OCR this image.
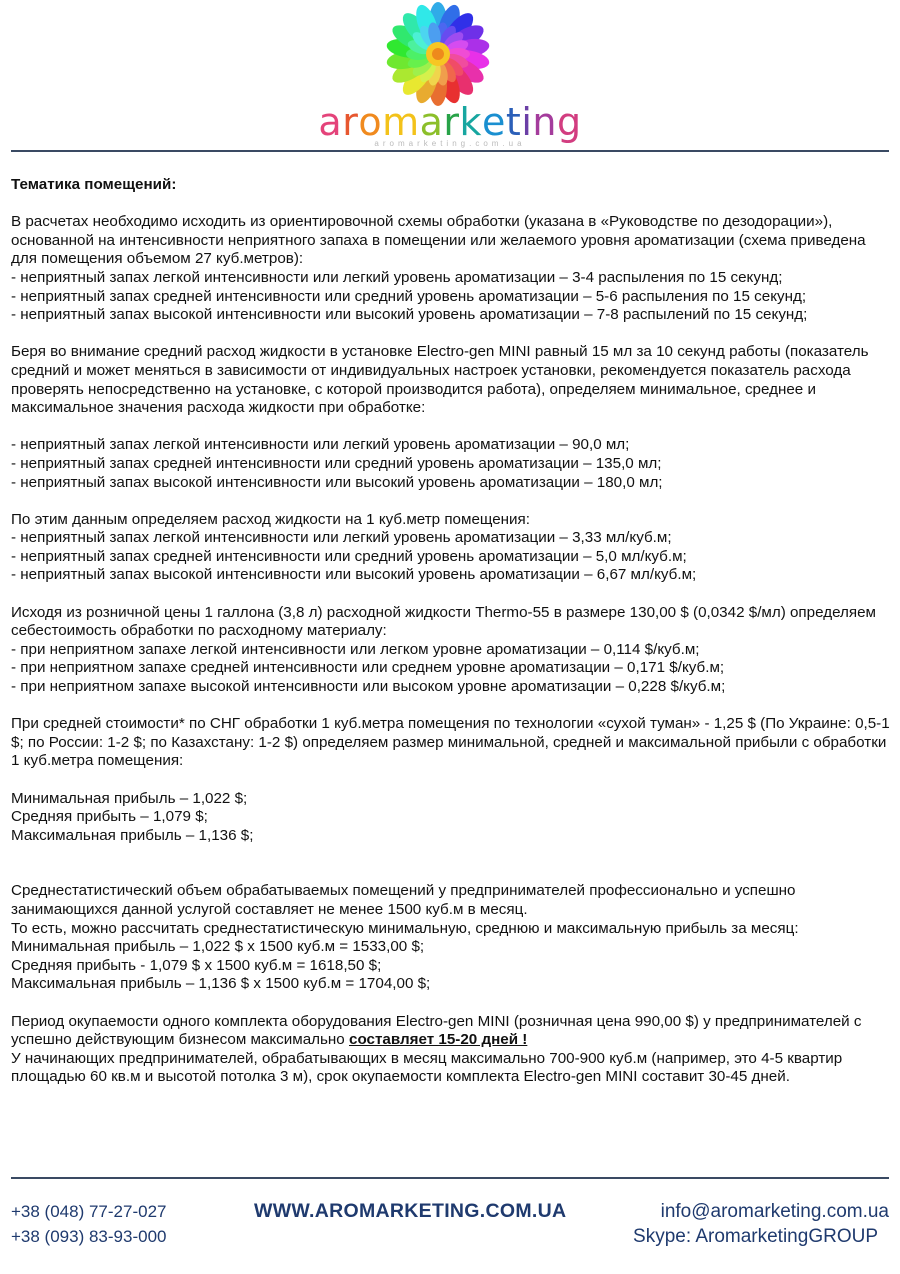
aromarketing
aromarketing.com.ua

Тематика помещений:

В расчетах необходимо исходить из ориентировочной схемы обработки (указана в «Руководстве по дезодорации»), основанной на интенсивности неприятного запаха в помещении или желаемого уровня ароматизации (схема приведена для помещения объемом 27 куб.метров):

- неприятный запах легкой интенсивности или легкий уровень ароматизации – 3-4 распыления по 15 секунд;
- неприятный запах средней интенсивности или средний уровень ароматизации – 5-6 распыления по 15 секунд;
- неприятный запах высокой интенсивности или высокий уровень ароматизации – 7-8 распылений по 15 секунд;

Беря во внимание средний расход жидкости в установке Electro-gen MINI равный 15 мл за 10 секунд работы (показатель средний и может меняться в зависимости от индивидуальных настроек установки, рекомендуется показатель расхода проверять непосредственно на установке, с которой производится работа), определяем минимальное, среднее и максимальное значения расхода жидкости при обработке:

- неприятный запах легкой интенсивности или легкий уровень ароматизации – 90,0 мл;
- неприятный запах средней интенсивности или средний уровень ароматизации – 135,0 мл;
- неприятный запах высокой интенсивности или высокий уровень ароматизации – 180,0 мл;

По этим данным определяем расход жидкости на 1 куб.метр помещения:
- неприятный запах легкой интенсивности или легкий уровень ароматизации – 3,33 мл/куб.м;
- неприятный запах средней интенсивности или средний уровень ароматизации – 5,0 мл/куб.м;
- неприятный запах высокой интенсивности или высокий уровень ароматизации – 6,67 мл/куб.м;

Исходя из розничной цены 1 галлона (3,8 л) расходной жидкости Thermo-55 в размере 130,00 $ (0,0342 $/мл) определяем себестоимость обработки по расходному материалу:
- при неприятном запахе легкой интенсивности или легком уровне ароматизации – 0,114 $/куб.м;
- при неприятном запахе средней интенсивности или среднем уровне ароматизации – 0,171 $/куб.м;
- при неприятном запахе высокой интенсивности или высоком уровне ароматизации – 0,228 $/куб.м;

При средней стоимости* по СНГ обработки 1 куб.метра помещения по технологии «сухой туман» - 1,25 $ (По Украине: 0,5-1 $; по России: 1-2 $; по Казахстану: 1-2 $) определяем размер минимальной, средней и максимальной прибыли с обработки 1 куб.метра помещения:

Минимальная прибыль – 1,022 $;
Средняя прибыть – 1,079 $;
Максимальная прибыль – 1,136 $;

Среднестатистический объем обрабатываемых помещений у предпринимателей профессионально и успешно занимающихся данной услугой составляет не менее 1500 куб.м в месяц.
То есть, можно рассчитать среднестатистическую минимальную, среднюю и максимальную прибыль за месяц:
Минимальная прибыль – 1,022 $ x 1500 куб.м = 1533,00 $;
Средняя прибыть - 1,079 $ x 1500 куб.м = 1618,50 $;
Максимальная прибыль – 1,136 $ x 1500 куб.м = 1704,00 $;

Период окупаемости одного комплекта оборудования Electro-gen MINI (розничная цена 990,00 $) у предпринимателей с успешно действующим бизнесом максимально составляет 15-20 дней !
У начинающих предпринимателей, обрабатывающих в месяц максимально 700-900 куб.м (например, это 4-5 квартир площадью 60 кв.м и высотой потолка 3 м), срок окупаемости комплекта Electro-gen MINI составит 30-45 дней.

+38 (048) 77-27-027
+38 (093) 83-93-000
WWW.AROMARKETING.COM.UA	info@aromarketing.com.ua
Skype: AromarketingGROUP
